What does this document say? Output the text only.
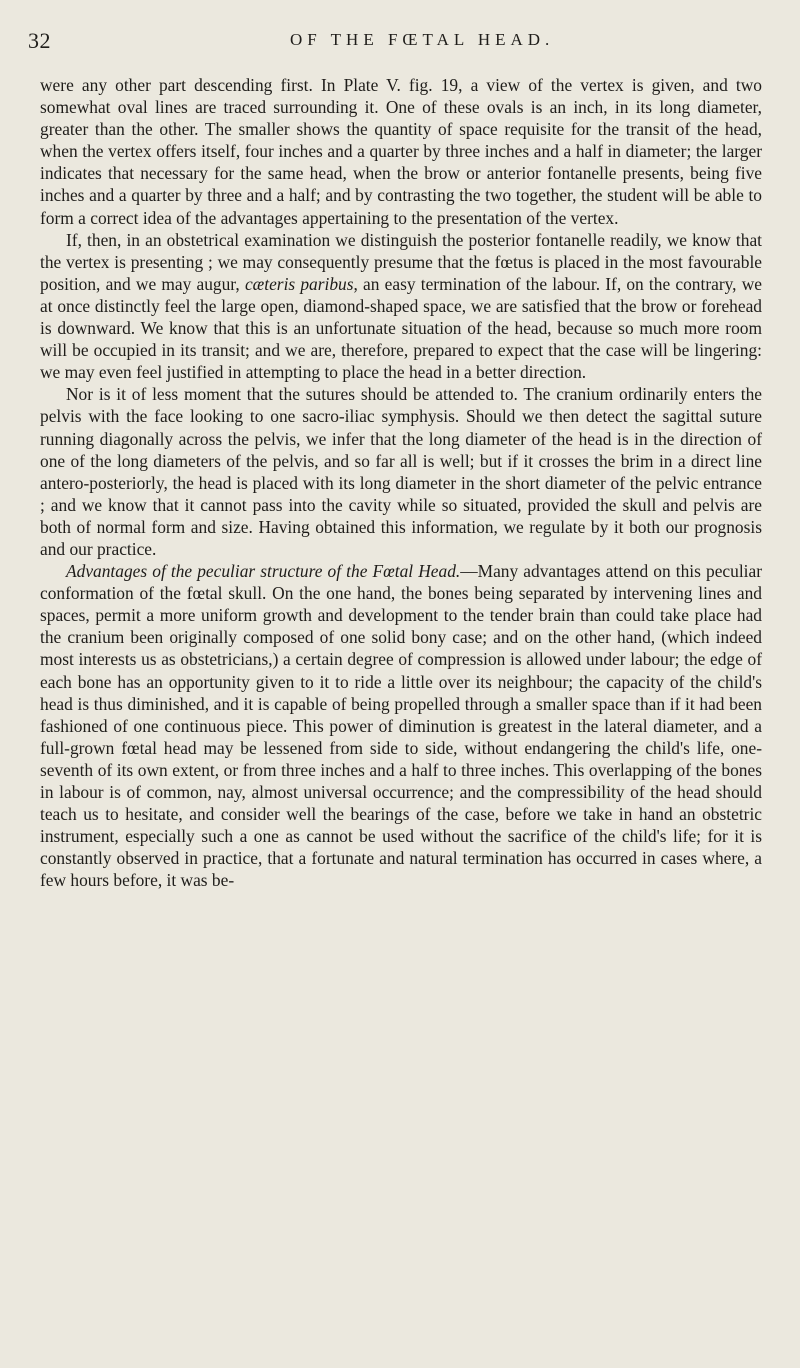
32	OF THE FŒTAL HEAD.

were any other part descending first. In Plate V. fig. 19, a view of the vertex is given, and two somewhat oval lines are traced surrounding it. One of these ovals is an inch, in its long diameter, greater than the other. The smaller shows the quantity of space requisite for the transit of the head, when the vertex offers itself, four inches and a quarter by three inches and a half in diameter; the larger indicates that necessary for the same head, when the brow or anterior fontanelle presents, being five inches and a quarter by three and a half; and by contrasting the two together, the student will be able to form a correct idea of the advantages appertaining to the presentation of the vertex.

If, then, in an obstetrical examination we distinguish the posterior fontanelle readily, we know that the vertex is presenting ; we may consequently presume that the fœtus is placed in the most favourable position, and we may augur, cæteris paribus, an easy termination of the labour. If, on the contrary, we at once distinctly feel the large open, diamond-shaped space, we are satisfied that the brow or forehead is downward. We know that this is an unfortunate situation of the head, because so much more room will be occupied in its transit; and we are, therefore, prepared to expect that the case will be lingering: we may even feel justified in attempting to place the head in a better direction.

Nor is it of less moment that the sutures should be attended to. The cranium ordinarily enters the pelvis with the face looking to one sacro-iliac symphysis. Should we then detect the sagittal suture running diagonally across the pelvis, we infer that the long diameter of the head is in the direction of one of the long diameters of the pelvis, and so far all is well; but if it crosses the brim in a direct line antero-posteriorly, the head is placed with its long diameter in the short diameter of the pelvic entrance ; and we know that it cannot pass into the cavity while so situated, provided the skull and pelvis are both of normal form and size. Having obtained this information, we regulate by it both our prognosis and our practice.

Advantages of the peculiar structure of the Fœtal Head.—Many advantages attend on this peculiar conformation of the fœtal skull. On the one hand, the bones being separated by intervening lines and spaces, permit a more uniform growth and development to the tender brain than could take place had the cranium been originally composed of one solid bony case; and on the other hand, (which indeed most interests us as obstetricians,) a certain degree of compression is allowed under labour; the edge of each bone has an opportunity given to it to ride a little over its neighbour; the capacity of the child's head is thus diminished, and it is capable of being propelled through a smaller space than if it had been fashioned of one continuous piece. This power of diminution is greatest in the lateral diameter, and a full-grown fœtal head may be lessened from side to side, without endangering the child's life, one-seventh of its own extent, or from three inches and a half to three inches. This overlapping of the bones in labour is of common, nay, almost universal occurrence; and the compressibility of the head should teach us to hesitate, and consider well the bearings of the case, before we take in hand an obstetric instrument, especially such a one as cannot be used without the sacrifice of the child's life; for it is constantly observed in practice, that a fortunate and natural termination has occurred in cases where, a few hours before, it was be-
